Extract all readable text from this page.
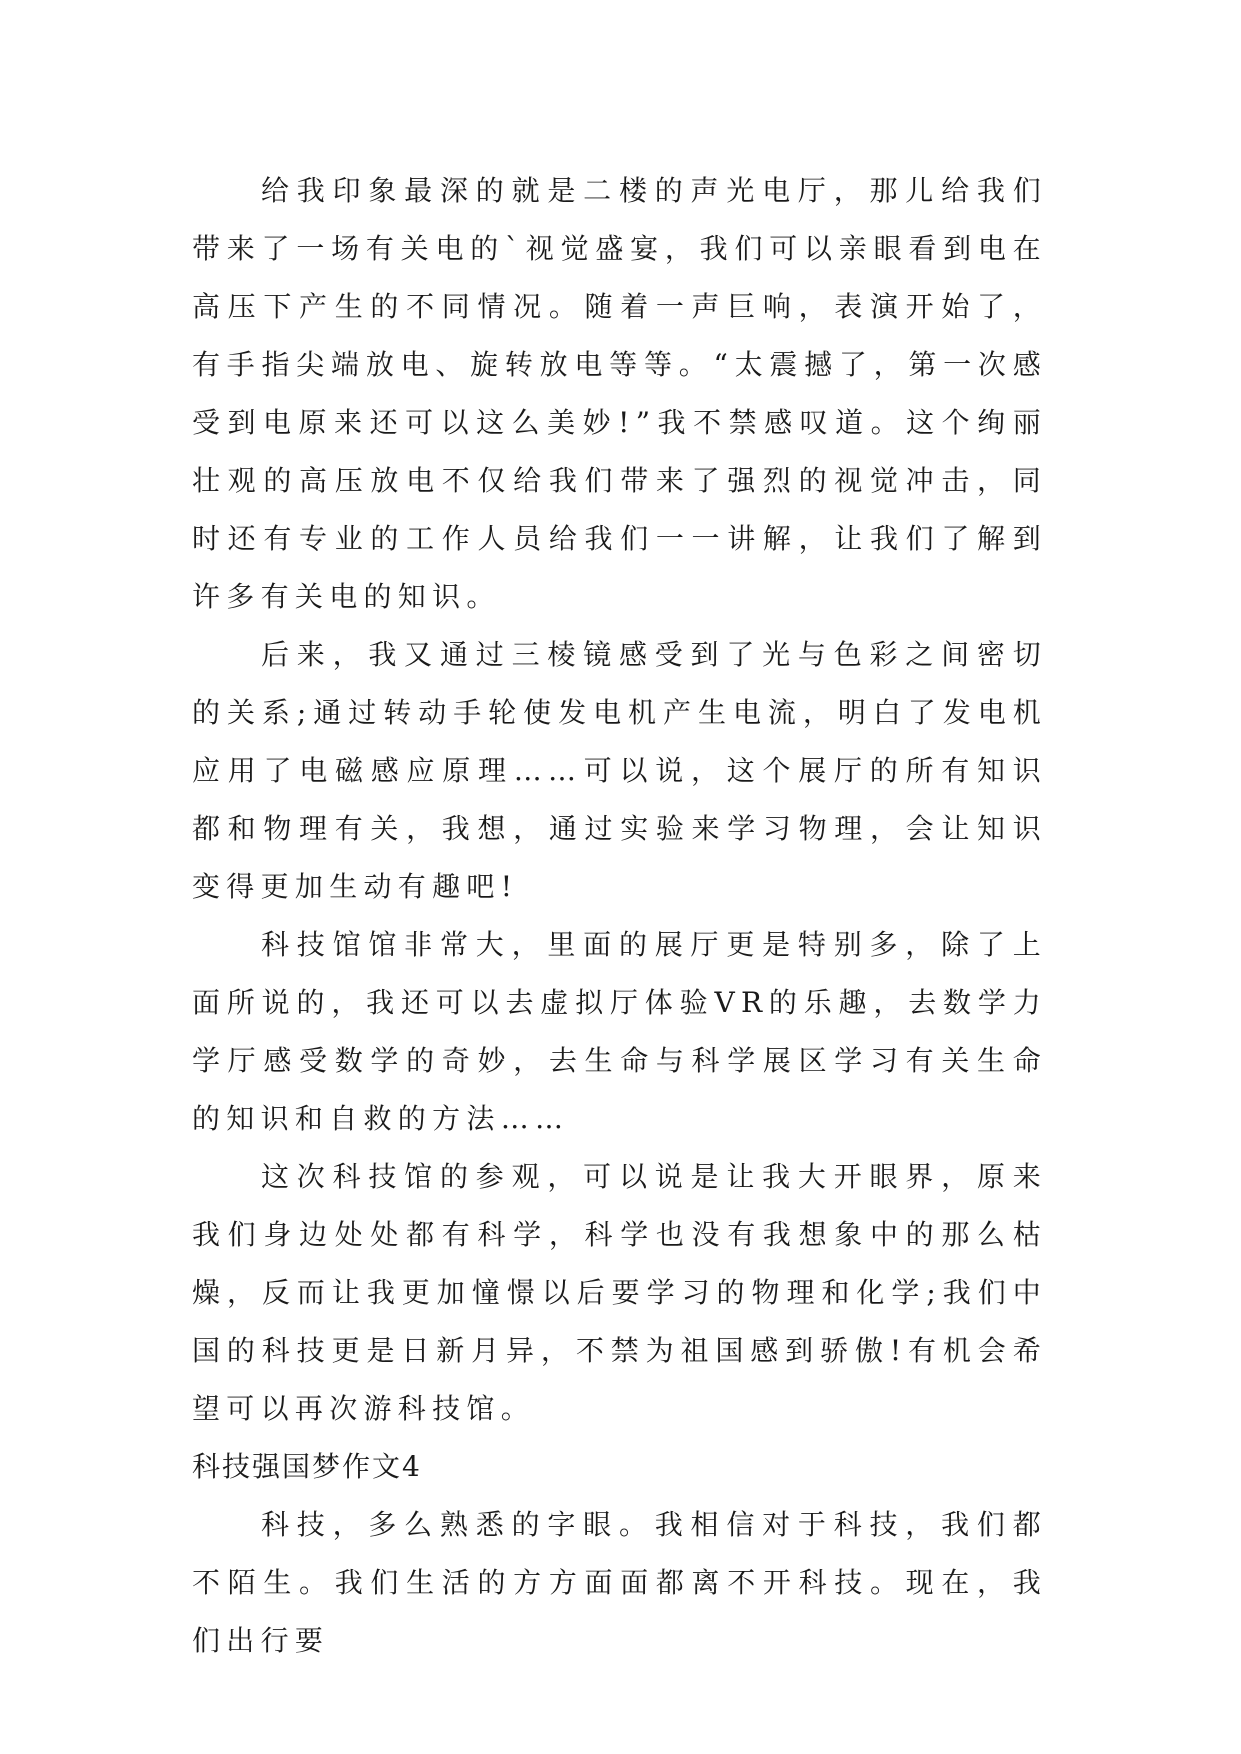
给我印象最深的就是二楼的声光电厅，那儿给我们带来了一场有关电的`视觉盛宴，我们可以亲眼看到电在高压下产生的不同情况。随着一声巨响，表演开始了，有手指尖端放电、旋转放电等等。“太震撼了，第一次感受到电原来还可以这么美妙!”我不禁感叹道。这个绚丽壮观的高压放电不仅给我们带来了强烈的视觉冲击，同时还有专业的工作人员给我们一一讲解，让我们了解到许多有关电的知识。

后来，我又通过三棱镜感受到了光与色彩之间密切的关系;通过转动手轮使发电机产生电流，明白了发电机应用了电磁感应原理……可以说，这个展厅的所有知识都和物理有关，我想，通过实验来学习物理，会让知识变得更加生动有趣吧!

科技馆馆非常大，里面的展厅更是特别多，除了上面所说的，我还可以去虚拟厅体验VR的乐趣，去数学力学厅感受数学的奇妙，去生命与科学展区学习有关生命的知识和自救的方法……

这次科技馆的参观，可以说是让我大开眼界，原来我们身边处处都有科学，科学也没有我想象中的那么枯燥，反而让我更加憧憬以后要学习的物理和化学;我们中国的科技更是日新月异，不禁为祖国感到骄傲!有机会希望可以再次游科技馆。

科技强国梦作文4

科技，多么熟悉的字眼。我相信对于科技，我们都不陌生。我们生活的方方面面都离不开科技。现在，我们出行要
